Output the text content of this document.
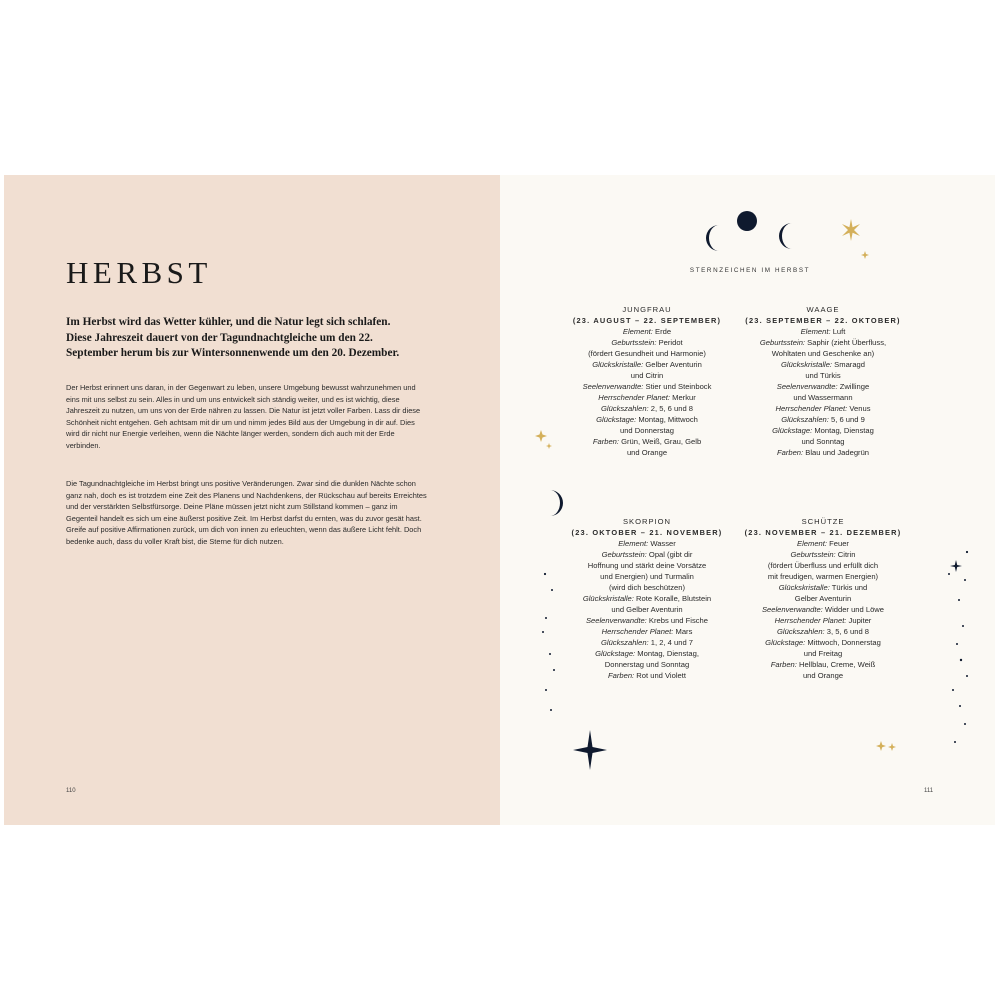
HERBST

Im Herbst wird das Wetter kühler, und die Natur legt sich schlafen. Diese Jahreszeit dauert von der Tagundnachtgleiche um den 22. September herum bis zur Wintersonnenwende um den 20. Dezember.

Der Herbst erinnert uns daran, in der Gegenwart zu leben, unsere Umgebung bewusst wahrzunehmen und eins mit uns selbst zu sein. Alles in und um uns entwickelt sich ständig weiter, und es ist wichtig, diese Jahreszeit zu nutzen, um uns von der Erde nähren zu lassen. Die Natur ist jetzt voller Farben. Lass dir diese Schönheit nicht entgehen. Geh achtsam mit dir um und nimm jedes Bild aus der Umgebung in dir auf. Dies wird dir nicht nur Energie verleihen, wenn die Nächte länger werden, sondern dich auch mit der Erde verbinden.

Die Tagundnachtgleiche im Herbst bringt uns positive Veränderungen. Zwar sind die dunklen Nächte schon ganz nah, doch es ist trotzdem eine Zeit des Planens und Nachdenkens, der Rückschau auf bereits Erreichtes und der verstärkten Selbstfürsorge. Deine Pläne müssen jetzt nicht zum Stillstand kommen – ganz im Gegenteil handelt es sich um eine äußerst positive Zeit. Im Herbst darfst du ernten, was du zuvor gesät hast. Greife auf positive Affirmationen zurück, um dich von innen zu erleuchten, wenn das äußere Licht fehlt. Doch bedenke auch, dass du voller Kraft bist, die Sterne für dich nutzen.

110
STERNZEICHEN IM HERBST
JUNGFRAU
(23. AUGUST – 22. SEPTEMBER)
Element: Erde
Geburtsstein: Peridot
(fördert Gesundheit und Harmonie)
Glückskristalle: Gelber Aventurin
und Citrin
Seelenverwandte: Stier und Steinbock
Herrschender Planet: Merkur
Glückszahlen: 2, 5, 6 und 8
Glückstage: Montag, Mittwoch
und Donnerstag
Farben: Grün, Weiß, Grau, Gelb
und Orange
WAAGE
(23. SEPTEMBER – 22. OKTOBER)
Element: Luft
Geburtsstein: Saphir (zieht Überfluss,
Wohltaten und Geschenke an)
Glückskristalle: Smaragd
und Türkis
Seelenverwandte: Zwillinge
und Wassermann
Herrschender Planet: Venus
Glückszahlen: 5, 6 und 9
Glückstage: Montag, Dienstag
und Sonntag
Farben: Blau und Jadegrün
SKORPION
(23. OKTOBER – 21. NOVEMBER)
Element: Wasser
Geburtsstein: Opal (gibt dir
Hoffnung und stärkt deine Vorsätze
und Energien) und Turmalin
(wird dich beschützen)
Glückskristalle: Rote Koralle, Blutstein
und Gelber Aventurin
Seelenverwandte: Krebs und Fische
Herrschender Planet: Mars
Glückszahlen: 1, 2, 4 und 7
Glückstage: Montag, Dienstag,
Donnerstag und Sonntag
Farben: Rot und Violett
SCHÜTZE
(23. NOVEMBER – 21. DEZEMBER)
Element: Feuer
Geburtsstein: Citrin
(fördert Überfluss und erfüllt dich
mit freudigen, warmen Energien)
Glückskristalle: Türkis und
Gelber Aventurin
Seelenverwandte: Widder und Löwe
Herrschender Planet: Jupiter
Glückszahlen: 3, 5, 6 und 8
Glückstage: Mittwoch, Donnerstag
und Freitag
Farben: Hellblau, Creme, Weiß
und Orange
111
